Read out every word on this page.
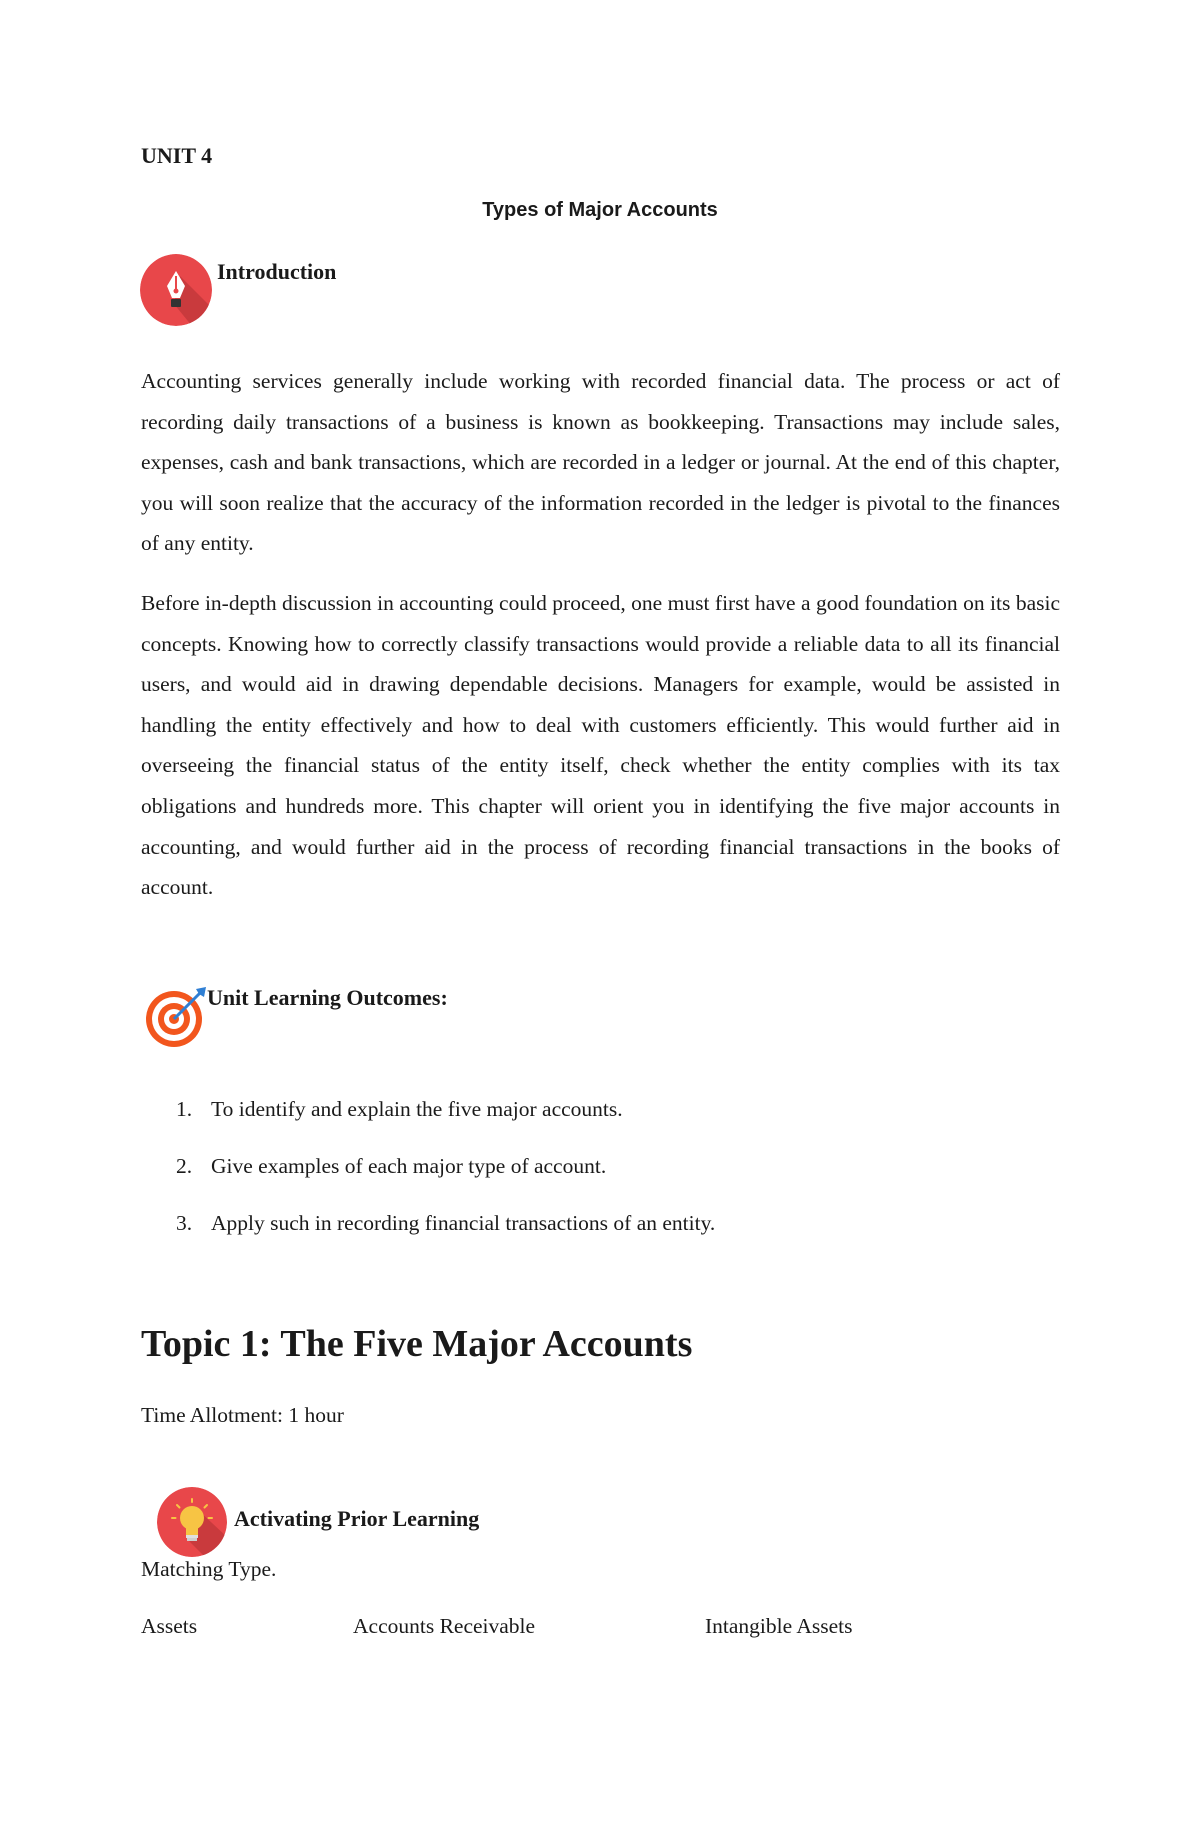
UNIT 4
Types of Major Accounts
Introduction

Accounting services generally include working with recorded financial data. The process or act of recording daily transactions of a business is known as bookkeeping. Transactions may include sales, expenses, cash and bank transactions, which are recorded in a ledger or journal. At the end of this chapter, you will soon realize that the accuracy of the information recorded in the ledger is pivotal to the finances of any entity.

Before in-depth discussion in accounting could proceed, one must first have a good foundation on its basic concepts. Knowing how to correctly classify transactions would provide a reliable data to all its financial users, and would aid in drawing dependable decisions. Managers for example, would be assisted in handling the entity effectively and how to deal with customers efficiently. This would further aid in overseeing the financial status of the entity itself, check whether the entity complies with its tax obligations and hundreds more. This chapter will orient you in identifying the five major accounts in accounting, and would further aid in the process of recording financial transactions in the books of account.

Unit Learning Outcomes:
1. To identify and explain the five major accounts.
2. Give examples of each major type of account.
3. Apply such in recording financial transactions of an entity.
Topic 1: The Five Major Accounts
Time Allotment: 1 hour
Activating Prior Learning
Matching Type.
Assets	Accounts Receivable	Intangible Assets
